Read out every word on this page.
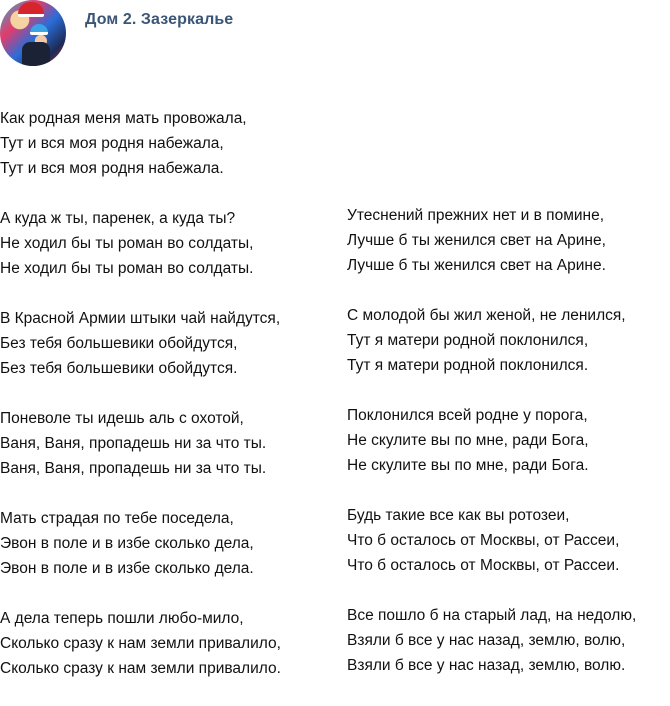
Дом 2. Зазеркалье
Как родная меня мать провожала,
Тут и вся моя родня набежала,
Тут и вся моя родня набежала.
А куда ж ты, паренек, а куда ты?
Не ходил бы ты роман во солдаты,
Не ходил бы ты роман во солдаты.
В Красной Армии штыки чай найдутся,
Без тебя большевики обойдутся,
Без тебя большевики обойдутся.
Поневоле ты идешь аль с охотой,
Ваня, Ваня, пропадешь ни за что ты.
Ваня, Ваня, пропадешь ни за что ты.
Мать страдая по тебе поседела,
Эвон в поле и в избе сколько дела,
Эвон в поле и в избе сколько дела.
А дела теперь пошли любо-мило,
Сколько сразу к нам земли привалило,
Сколько сразу к нам земли привалило.
Утеснений прежних нет и в помине,
Лучше б ты женился свет на Арине,
Лучше б ты женился свет на Арине.
С молодой бы жил женой, не ленился,
Тут я матери родной поклонился,
Тут я матери родной поклонился.
Поклонился всей родне у порога,
Не скулите вы по мне, ради Бога,
Не скулите вы по мне, ради Бога.
Будь такие все как вы ротозеи,
Что б осталось от Москвы, от Рассеи,
Что б осталось от Москвы, от Рассеи.
Все пошло б на старый лад, на недолю,
Взяли б все у нас назад, землю, волю,
Взяли б все у нас назад, землю, волю.
